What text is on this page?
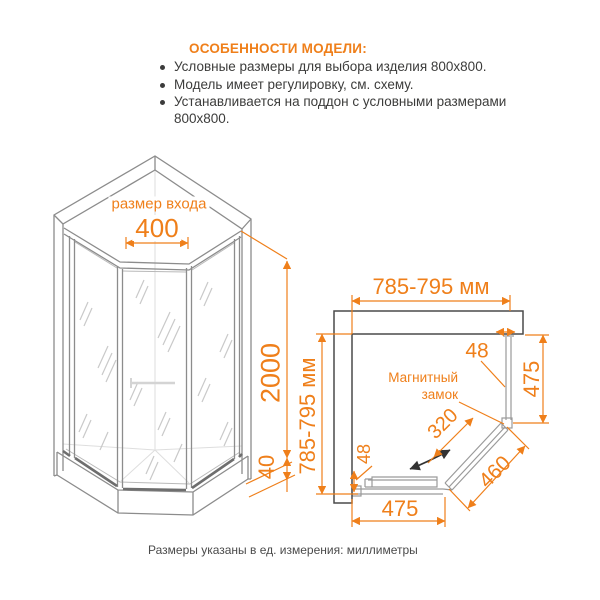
ОСОБЕННОСТИ МОДЕЛИ:
Условные размеры для выбора изделия 800x800.
Модель имеет регулировку, см. схему.
Устанавливается на поддон с условными размерами 800x800.
размер входа
400
2000
40
785-795 мм
785-795 мм
48
48
475
475
320
460
Магнитный
замок
Размеры указаны в ед. измерения: миллиметры
